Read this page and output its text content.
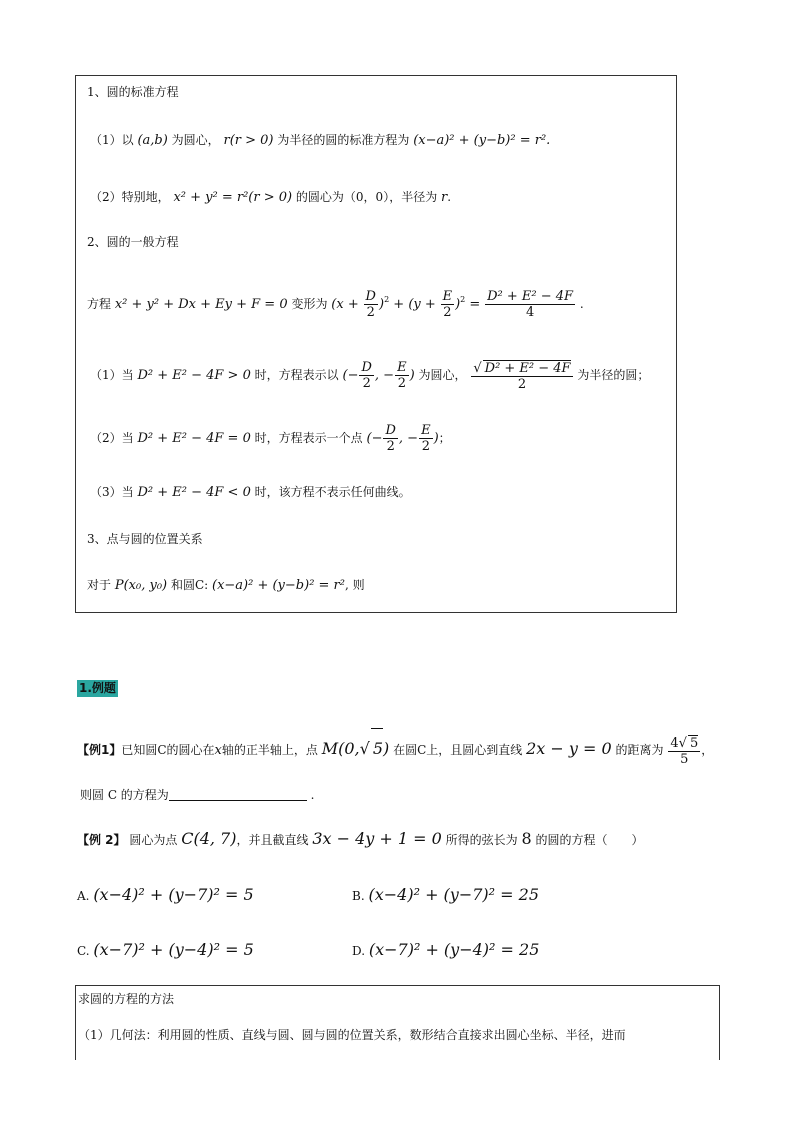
1、圆的标准方程
（1）以 (a,b) 为圆心， r(r > 0) 为半径的圆的标准方程为 (x−a)² + (y−b)² = r².
（2）特别地， x² + y² = r²(r > 0) 的圆心为（0，0），半径为 r.
2、圆的一般方程
方程 x² + y² + Dx + Ey + F = 0 变形为 $(x + \frac{D}{2} )^2 + (y + \frac{E}{2} )^2 = \frac{\text{D² + E² − 4F}}{4}$ .
（1）当 D² + E² − 4F > 0 时，方程表示以 (− $\frac{D}{2}$ , − $\frac{E}{2}$ ) 为圆心， $\frac{\text{√ D² + E² − 4F}}{2}$ 为半径的圆；
（2）当 D² + E² − 4F = 0 时，方程表示一个点 (− $\frac{D}{2}$ , − $\frac{E}{2}$ )；
（3）当 D² + E² − 4F < 0 时，该方程不表示任何曲线。
3、点与圆的位置关系
对于 P(x₀, y₀) 和圆C: (x−a)² + (y−b)² = r², 则
1.例题
【例1】已知圆C的圆心在x轴的正半轴上，点 M(0,√ 5) 在圆C上，且圆心到直线 2x − y = 0 的距离为 $\frac{4√ 5}{5}$ ，
则圆 C 的方程为	.
【例 2】 圆心为点 C(4, 7)，并且截直线 3x − 4y + 1 = 0 所得的弦长为 8 的圆的方程（　　）
A. (x−4)² + (y−7)² = 5	B. (x−4)² + (y−7)² = 25
C. (x−7)² + (y−4)² = 5	D. (x−7)² + (y−4)² = 25
求圆的方程的方法
（1）几何法：利用圆的性质、直线与圆、圆与圆的位置关系，数形结合直接求出圆心坐标、半径，进而
